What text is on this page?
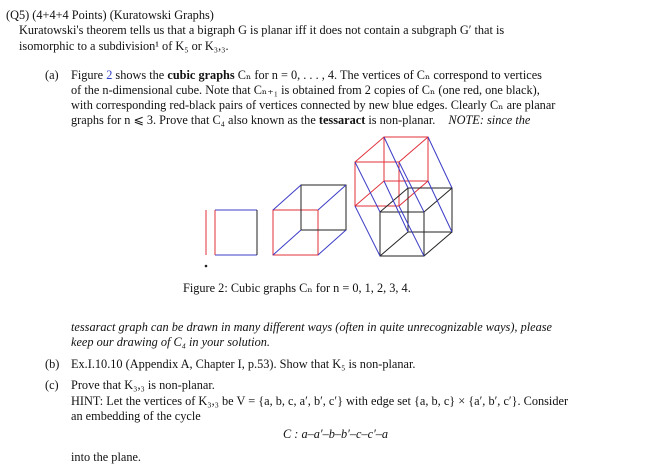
(Q5) (4+4+4 Points) (Kuratowski Graphs)
Kuratowski's theorem tells us that a bigraph G is planar iff it does not contain a subgraph G′ that is
isomorphic to a subdivision¹ of K₅ or K₃,₃.
(a) Figure 2 shows the cubic graphs Cₙ for n = 0, . . . , 4. The vertices of Cₙ correspond to vertices
of the n-dimensional cube. Note that Cₙ₊₁ is obtained from 2 copies of Cₙ (one red, one black),
with corresponding red-black pairs of vertices connected by new blue edges. Clearly Cₙ are planar
graphs for n ⩽ 3. Prove that C₄ also known as the tessaract is non-planar. NOTE: since the
Figure 2: Cubic graphs Cₙ for n = 0, 1, 2, 3, 4.
tessaract graph can be drawn in many different ways (often in quite unrecognizable ways), please
keep our drawing of C₄ in your solution.
(b) Ex.I.10.10 (Appendix A, Chapter I, p.53). Show that K₅ is non-planar.
(c) Prove that K₃,₃ is non-planar.
HINT: Let the vertices of K₃,₃ be V = {a, b, c, a′, b′, c′} with edge set {a, b, c} × {a′, b′, c′}. Consider
an embedding of the cycle
C : a–a′–b–b′–c–c′–a
into the plane.
